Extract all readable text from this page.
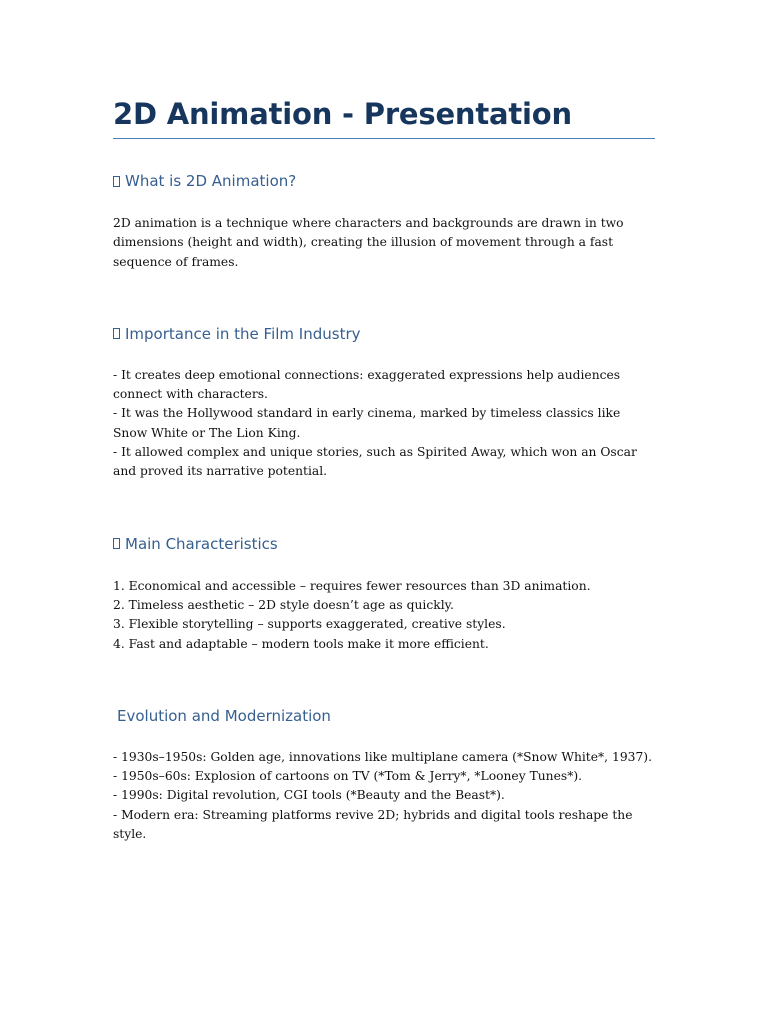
2D Animation - Presentation
What is 2D Animation?

2D animation is a technique where characters and backgrounds are drawn in two dimensions (height and width), creating the illusion of movement through a fast sequence of frames.

Importance in the Film Industry
- It creates deep emotional connections: exaggerated expressions help audiences connect with characters.
- It was the Hollywood standard in early cinema, marked by timeless classics like Snow White or The Lion King.
- It allowed complex and unique stories, such as Spirited Away, which won an Oscar and proved its narrative potential.
Main Characteristics
1. Economical and accessible – requires fewer resources than 3D animation.
2. Timeless aesthetic – 2D style doesn’t age as quickly.
3. Flexible storytelling – supports exaggerated, creative styles.
4. Fast and adaptable – modern tools make it more efficient.
Evolution and Modernization
- 1930s–1950s: Golden age, innovations like multiplane camera (*Snow White*, 1937).
- 1950s–60s: Explosion of cartoons on TV (*Tom & Jerry*, *Looney Tunes*).
- 1990s: Digital revolution, CGI tools (*Beauty and the Beast*).
- Modern era: Streaming platforms revive 2D; hybrids and digital tools reshape the style.
